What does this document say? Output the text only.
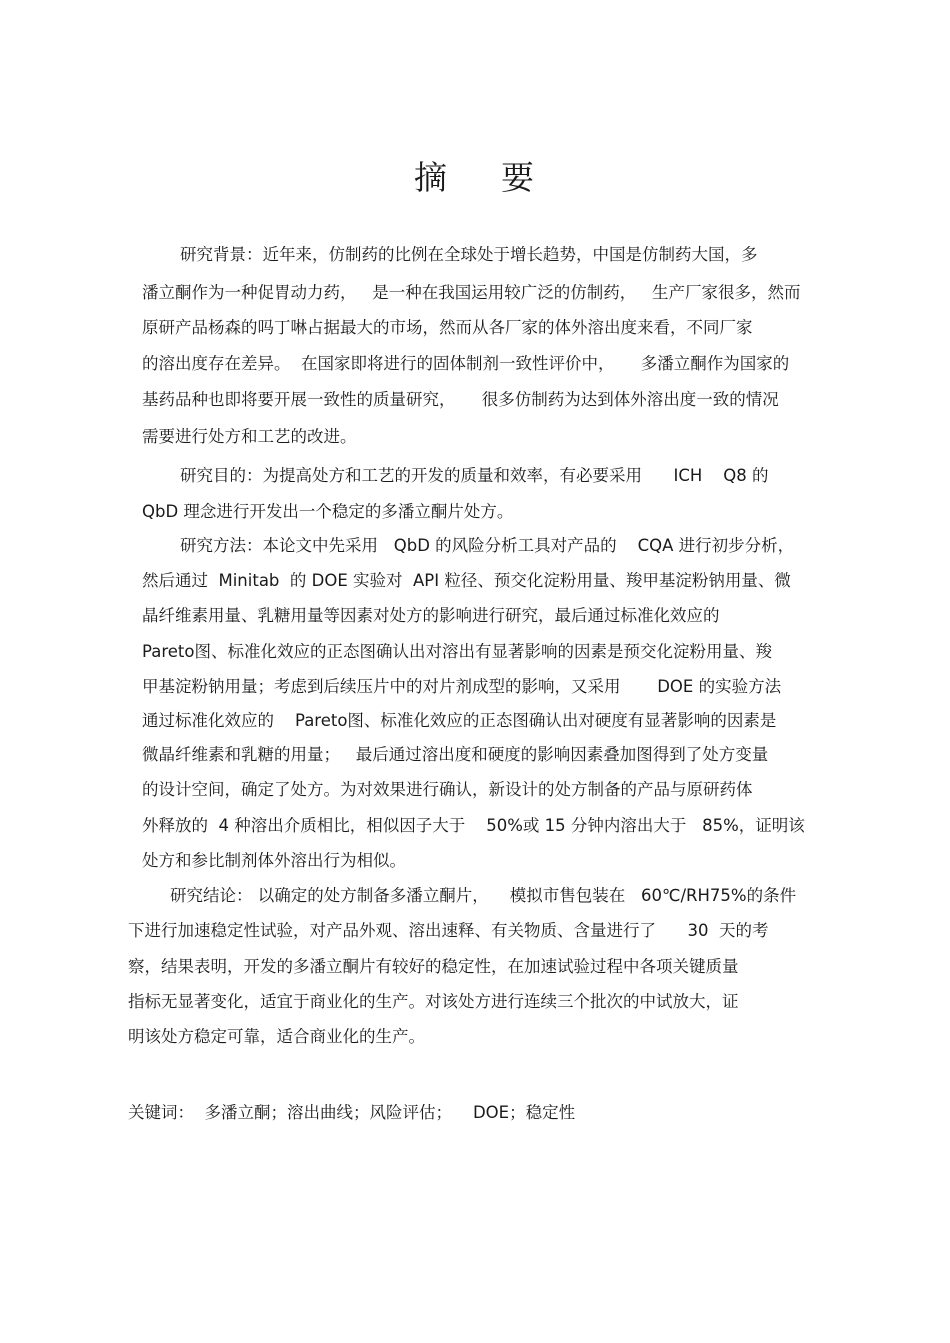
摘 要
研究背景：近年来，仿制药的比例在全球处于增长趋势，中国是仿制药大国，多
潘立酮作为一种促胃动力药，   是一种在我国运用较广泛的仿制药，   生产厂家很多，然而
原研产品杨森的吗丁啉占据最大的市场，然而从各厂家的体外溶出度来看，不同厂家
的溶出度存在差异。  在国家即将进行的固体制剂一致性评价中，     多潘立酮作为国家的
基药品种也即将要开展一致性的质量研究，     很多仿制药为达到体外溶出度一致的情况
需要进行处方和工艺的改进。
研究目的：为提高处方和工艺的开发的质量和效率，有必要采用      ICH    Q8 的
QbD 理念进行开发出一个稳定的多潘立酮片处方。
研究方法：本论文中先采用   QbD 的风险分析工具对产品的    CQA 进行初步分析，
然后通过  Minitab  的 DOE 实验对  API 粒径、预交化淀粉用量、羧甲基淀粉钠用量、微
晶纤维素用量、乳糖用量等因素对处方的影响进行研究，最后通过标准化效应的
Pareto图、标准化效应的正态图确认出对溶出有显著影响的因素是预交化淀粉用量、羧
甲基淀粉钠用量；考虑到后续压片中的对片剂成型的影响，又采用       DOE 的实验方法
通过标准化效应的    Pareto图、标准化效应的正态图确认出对硬度有显著影响的因素是
微晶纤维素和乳糖的用量；   最后通过溶出度和硬度的影响因素叠加图得到了处方变量
的设计空间，确定了处方。为对效果进行确认，新设计的处方制备的产品与原研药体
外释放的  4 种溶出介质相比，相似因子大于    50%或 15 分钟内溶出大于   85%，证明该
处方和参比制剂体外溶出行为相似。
研究结论： 以确定的处方制备多潘立酮片，    模拟市售包装在   60℃/RH75%的条件
下进行加速稳定性试验，对产品外观、溶出速释、有关物质、含量进行了      30  天的考
察，结果表明，开发的多潘立酮片有较好的稳定性，在加速试验过程中各项关键质量
指标无显著变化，适宜于商业化的生产。对该处方进行连续三个批次的中试放大，证
明该处方稳定可靠，适合商业化的生产。
关键词：  多潘立酮；溶出曲线；风险评估；    DOE；稳定性
